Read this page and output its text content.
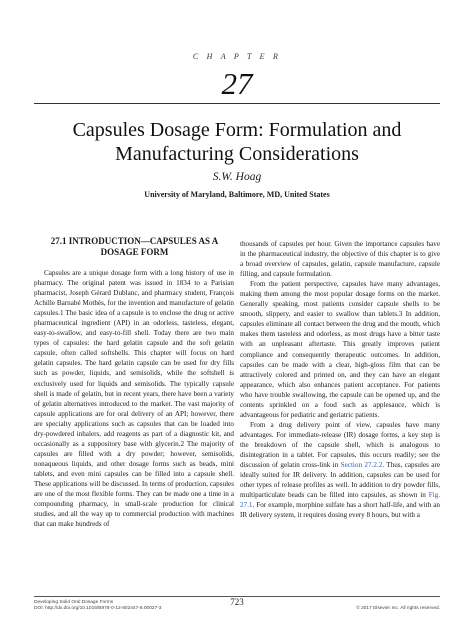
C H A P T E R
27
Capsules Dosage Form: Formulation and
Manufacturing Considerations
S.W. Hoag
University of Maryland, Baltimore, MD, United States
27.1 INTRODUCTION—CAPSULES AS A
DOSAGE FORM

Capsules are a unique dosage form with a long history of use in pharmacy. The original patent was issued in 1834 to a Parisian pharmacist, Joseph Gérard Dublanc, and pharmacy student, François Achille Barnabé Mothès, for the invention and manufacture of gelatin capsules.1 The basic idea of a capsule is to enclose the drug or active pharmaceutical ingredient (API) in an odorless, tasteless, elegant, easy-to-swallow, and easy-to-fill shell. Today there are two main types of capsules: the hard gelatin capsule and the soft gelatin capsule, often called softshells. This chapter will focus on hard gelatin capsules. The hard gelatin capsule can be used for dry fills such as powder, liquids, and semisolids, while the softshell is exclusively used for liquids and semisolids. The typically capsule shell is made of gelatin, but in recent years, there have been a variety of gelatin alternatives introduced to the market. The vast majority of capsule applications are for oral delivery of an API; however, there are specialty applications such as capsules that can be loaded into dry-powdered inhalers, add reagents as part of a diagnostic kit, and occasionally as a suppository base with glycerin.2 The majority of capsules are filled with a dry powder; however, semisolids, nonaqueous liquids, and other dosage forms such as beads, mini tablets, and even mini capsules can be filled into a capsule shell. These applications will be discussed. In terms of production, capsules are one of the most flexible forms. They can be made one a time in a compounding pharmacy, in small-scale production for clinical studies, and all the way up to commercial production with machines that can make hundreds of

thousands of capsules per hour. Given the importance capsules have in the pharmaceutical industry, the objective of this chapter is to give a broad overview of capsules, gelatin, capsule manufacture, capsule filling, and capsule formulation.

From the patient perspective, capsules have many advantages, making them among the most popular dosage forms on the market. Generally speaking, most patients consider capsule shells to be smooth, slippery, and easier to swallow than tablets.3 In addition, capsules eliminate all contact between the drug and the mouth, which makes them tasteless and odorless, as most drugs have a bitter taste with an unpleasant aftertaste. This greatly improves patient compliance and consequently therapeutic outcomes. In addition, capsules can be made with a clear, high-gloss film that can be attractively colored and printed on, and they can have an elegant appearance, which also enhances patient acceptance. For patients who have trouble swallowing, the capsule can be opened up, and the contents sprinkled on a food such as applesauce, which is advantageous for pediatric and geriatric patients.

From a drug delivery point of view, capsules have many advantages. For immediate-release (IR) dosage forms, a key step is the breakdown of the capsule shell, which is analogous to disintegration in a tablet. For capsules, this occurs readily; see the discussion of gelatin cross-link in Section 27.2.2. Thus, capsules are ideally suited for IR delivery. In addition, capsules can be used for other types of release profiles as well. In addition to dry powder fills, multiparticulate beads can be filled into capsules, as shown in Fig. 27.1. For example, morphine sulfate has a short half-life, and with an IR delivery system, it requires dosing every 8 hours, but with a

Developing Solid Oral Dosage Forms
DOI: http://dx.doi.org/10.1016/B978-0-12-802447-8.00027-3
723
© 2017 Elsevier Inc. All rights reserved.
